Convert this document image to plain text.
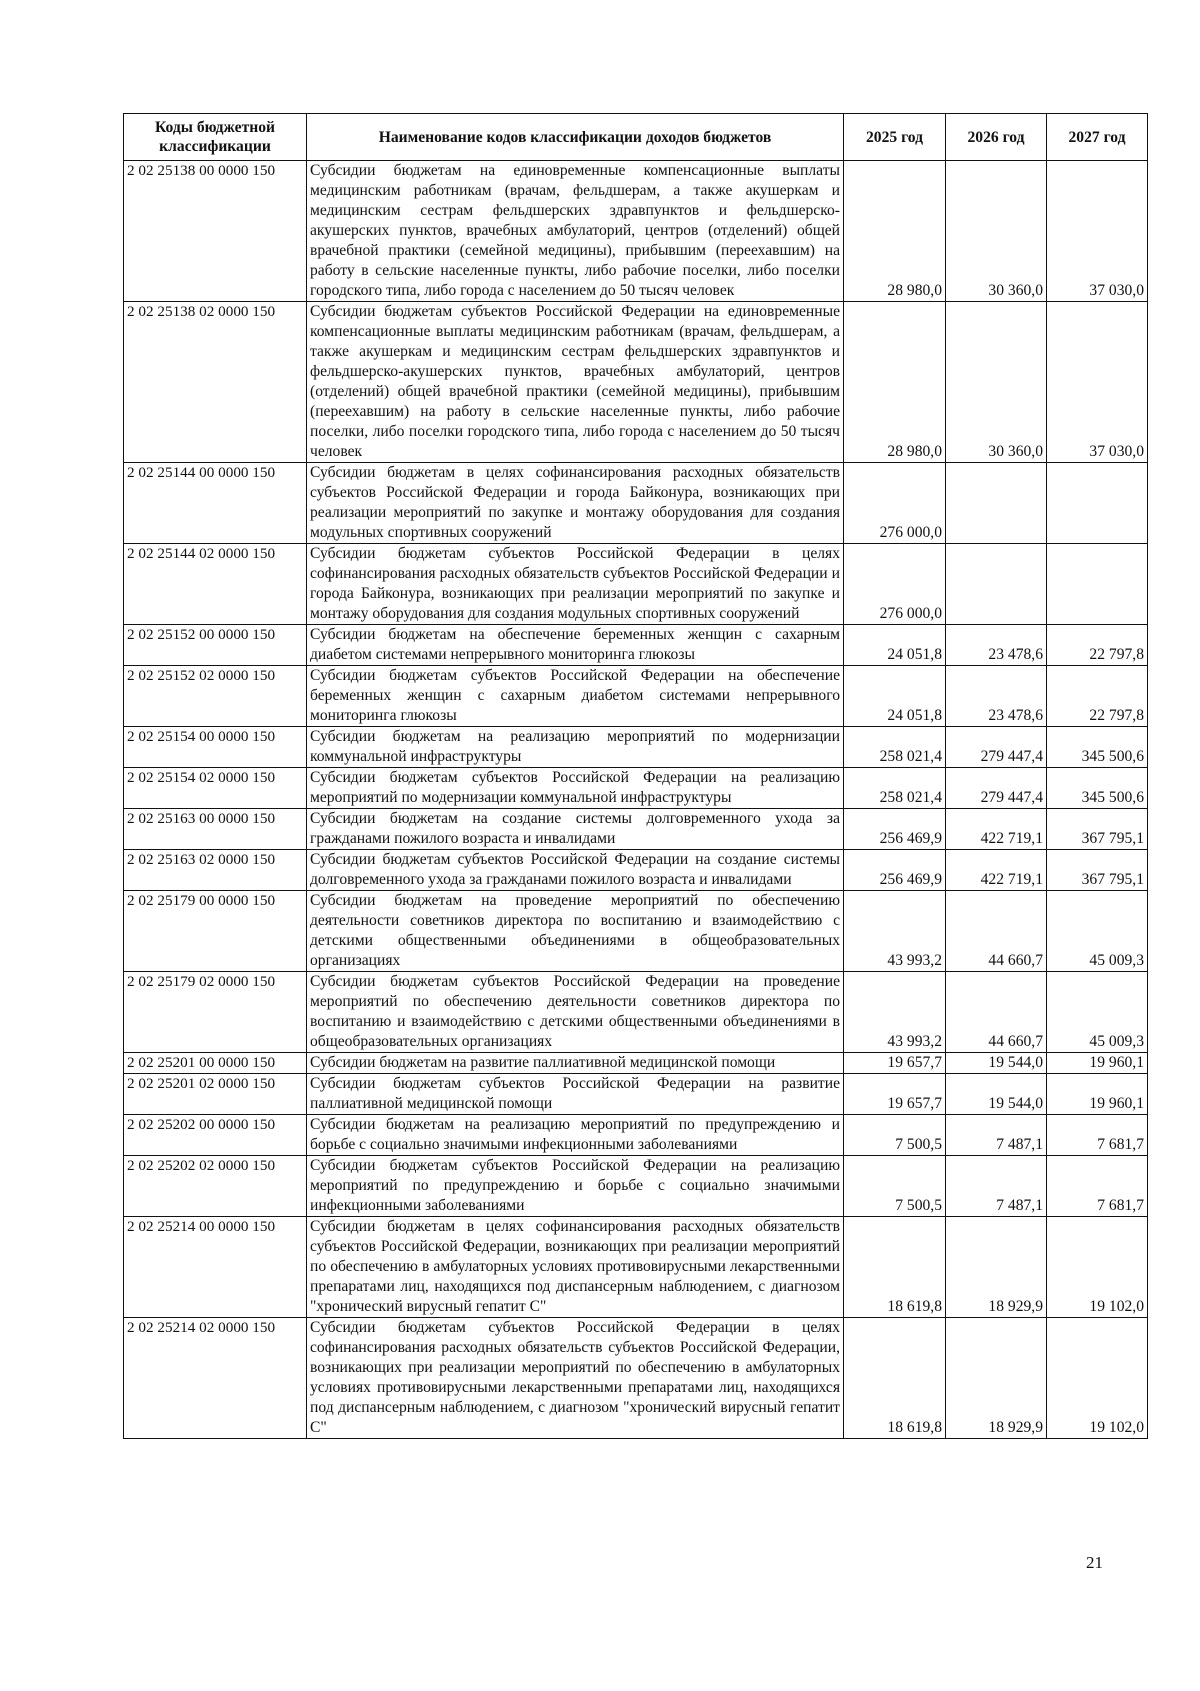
Коды бюджетной классификации	Наименование кодов классификации доходов бюджетов	2025 год	2026 год	2027 год
2 02 25138 00 0000 150	Субсидии бюджетам на единовременные компенсационные выплаты медицинским работникам (врачам, фельдшерам, а также акушеркам и медицинским сестрам фельдшерских здравпунктов и фельдшерско-акушерских пунктов, врачебных амбулаторий, центров (отделений) общей врачебной практики (семейной медицины), прибывшим (переехавшим) на работу в сельские населенные пункты, либо рабочие поселки, либо поселки городского типа, либо города с населением до 50 тысяч человек	28 980,0	30 360,0	37 030,0
2 02 25138 02 0000 150	Субсидии бюджетам субъектов Российской Федерации на единовременные компенсационные выплаты медицинским работникам (врачам, фельдшерам, а также акушеркам и медицинским сестрам фельдшерских здравпунктов и фельдшерско-акушерских пунктов, врачебных амбулаторий, центров (отделений) общей врачебной практики (семейной медицины), прибывшим (переехавшим) на работу в сельские населенные пункты, либо рабочие поселки, либо поселки городского типа, либо города с населением до 50 тысяч человек	28 980,0	30 360,0	37 030,0
2 02 25144 00 0000 150	Субсидии бюджетам в целях софинансирования расходных обязательств субъектов Российской Федерации и города Байконура, возникающих при реализации мероприятий по закупке и монтажу оборудования для создания модульных спортивных сооружений	276 000,0		
2 02 25144 02 0000 150	Субсидии бюджетам субъектов Российской Федерации в целях софинансирования расходных обязательств субъектов Российской Федерации и города Байконура, возникающих при реализации мероприятий по закупке и монтажу оборудования для создания модульных спортивных сооружений	276 000,0		
2 02 25152 00 0000 150	Субсидии бюджетам на обеспечение беременных женщин с сахарным диабетом системами непрерывного мониторинга глюкозы	24 051,8	23 478,6	22 797,8
2 02 25152 02 0000 150	Субсидии бюджетам субъектов Российской Федерации на обеспечение беременных женщин с сахарным диабетом системами непрерывного мониторинга глюкозы	24 051,8	23 478,6	22 797,8
2 02 25154 00 0000 150	Субсидии бюджетам на реализацию мероприятий по модернизации коммунальной инфраструктуры	258 021,4	279 447,4	345 500,6
2 02 25154 02 0000 150	Субсидии бюджетам субъектов Российской Федерации на реализацию мероприятий по модернизации коммунальной инфраструктуры	258 021,4	279 447,4	345 500,6
2 02 25163 00 0000 150	Субсидии бюджетам на создание системы долговременного ухода за гражданами пожилого возраста и инвалидами	256 469,9	422 719,1	367 795,1
2 02 25163 02 0000 150	Субсидии бюджетам субъектов Российской Федерации на создание системы долговременного ухода за гражданами пожилого возраста и инвалидами	256 469,9	422 719,1	367 795,1
2 02 25179 00 0000 150	Субсидии бюджетам на проведение мероприятий по обеспечению деятельности советников директора по воспитанию и взаимодействию с детскими общественными объединениями в общеобразовательных организациях	43 993,2	44 660,7	45 009,3
2 02 25179 02 0000 150	Субсидии бюджетам субъектов Российской Федерации на проведение мероприятий по обеспечению деятельности советников директора по воспитанию и взаимодействию с детскими общественными объединениями в общеобразовательных организациях	43 993,2	44 660,7	45 009,3
2 02 25201 00 0000 150	Субсидии бюджетам на развитие паллиативной медицинской помощи	19 657,7	19 544,0	19 960,1
2 02 25201 02 0000 150	Субсидии бюджетам субъектов Российской Федерации на развитие паллиативной медицинской помощи	19 657,7	19 544,0	19 960,1
2 02 25202 00 0000 150	Субсидии бюджетам на реализацию мероприятий по предупреждению и борьбе с социально значимыми инфекционными заболеваниями	7 500,5	7 487,1	7 681,7
2 02 25202 02 0000 150	Субсидии бюджетам субъектов Российской Федерации на реализацию мероприятий по предупреждению и борьбе с социально значимыми инфекционными заболеваниями	7 500,5	7 487,1	7 681,7
2 02 25214 00 0000 150	Субсидии бюджетам в целях софинансирования расходных обязательств субъектов Российской Федерации, возникающих при реализации мероприятий по обеспечению в амбулаторных условиях противовирусными лекарственными препаратами лиц, находящихся под диспансерным наблюдением, с диагнозом "хронический вирусный гепатит С"	18 619,8	18 929,9	19 102,0
2 02 25214 02 0000 150	Субсидии бюджетам субъектов Российской Федерации в целях софинансирования расходных обязательств субъектов Российской Федерации, возникающих при реализации мероприятий по обеспечению в амбулаторных условиях противовирусными лекарственными препаратами лиц, находящихся под диспансерным наблюдением, с диагнозом "хронический вирусный гепатит С"	18 619,8	18 929,9	19 102,0
21
